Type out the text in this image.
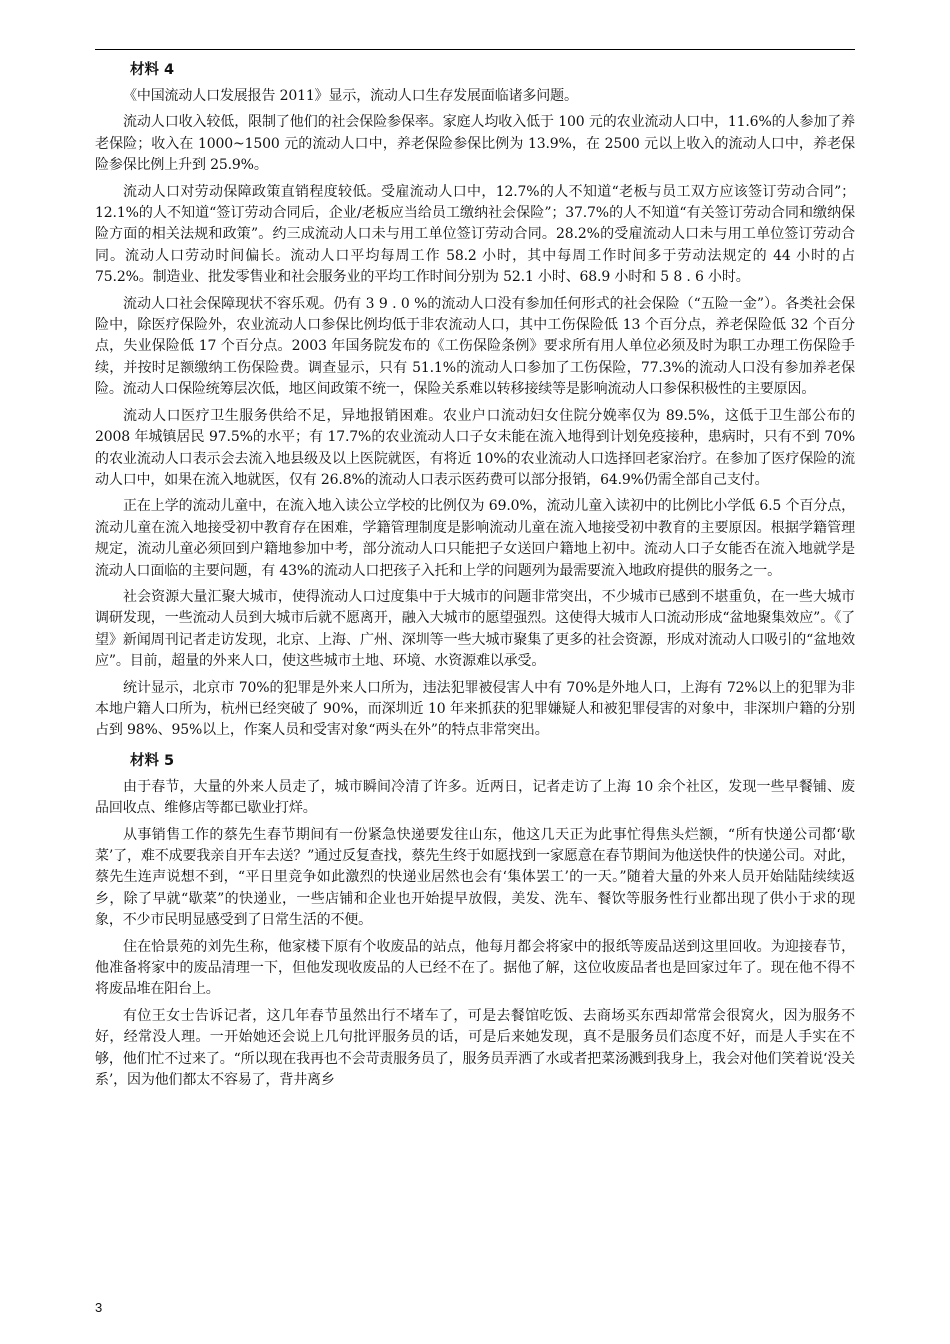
材料 4

《中国流动人口发展报告 2011》显示，流动人口生存发展面临诸多问题。

流动人口收入较低，限制了他们的社会保险参保率。家庭人均收入低于 100 元的农业流动人口中，11.6%的人参加了养老保险；收入在 1000~1500 元的流动人口中，养老保险参保比例为 13.9%，在 2500 元以上收入的流动人口中，养老保险参保比例上升到 25.9%。

流动人口对劳动保障政策直销程度较低。受雇流动人口中，12.7%的人不知道“老板与员工双方应该签订劳动合同”；12.1%的人不知道“签订劳动合同后，企业/老板应当给员工缴纳社会保险”；37.7%的人不知道“有关签订劳动合同和缴纳保险方面的相关法规和政策”。约三成流动人口未与用工单位签订劳动合同。28.2%的受雇流动人口未与用工单位签订劳动合同。流动人口劳动时间偏长。流动人口平均每周工作 58.2 小时，其中每周工作时间多于劳动法规定的 44 小时的占 75.2%。制造业、批发零售业和社会服务业的平均工作时间分别为 52.1 小时、68.9 小时和 5 8 . 6 小时。

流动人口社会保障现状不容乐观。仍有 3 9 . 0 %的流动人口没有参加任何形式的社会保险（“五险一金”）。各类社会保险中，除医疗保险外，农业流动人口参保比例均低于非农流动人口，其中工伤保险低 13 个百分点，养老保险低 32 个百分点，失业保险低 17 个百分点。2003 年国务院发布的《工伤保险条例》要求所有用人单位必须及时为职工办理工伤保险手续，并按时足额缴纳工伤保险费。调查显示，只有 51.1%的流动人口参加了工伤保险，77.3%的流动人口没有参加养老保险。流动人口保险统筹层次低，地区间政策不统一，保险关系难以转移接续等是影响流动人口参保积极性的主要原因。

流动人口医疗卫生服务供给不足，异地报销困难。农业户口流动妇女住院分娩率仅为 89.5%，这低于卫生部公布的 2008 年城镇居民 97.5%的水平；有 17.7%的农业流动人口子女未能在流入地得到计划免疫接种，患病时，只有不到 70%的农业流动人口表示会去流入地县级及以上医院就医，有将近 10%的农业流动人口选择回老家治疗。在参加了医疗保险的流动人口中，如果在流入地就医，仅有 26.8%的流动人口表示医药费可以部分报销，64.9%仍需全部自己支付。

正在上学的流动儿童中，在流入地入读公立学校的比例仅为 69.0%，流动儿童入读初中的比例比小学低 6.5 个百分点，流动儿童在流入地接受初中教育存在困难，学籍管理制度是影响流动儿童在流入地接受初中教育的主要原因。根据学籍管理规定，流动儿童必须回到户籍地参加中考，部分流动人口只能把子女送回户籍地上初中。流动人口子女能否在流入地就学是流动人口面临的主要问题，有 43%的流动人口把孩子入托和上学的问题列为最需要流入地政府提供的服务之一。

社会资源大量汇聚大城市，使得流动人口过度集中于大城市的问题非常突出，不少城市已感到不堪重负，在一些大城市调研发现，一些流动人员到大城市后就不愿离开，融入大城市的愿望强烈。这使得大城市人口流动形成“盆地聚集效应”。《了望》新闻周刊记者走访发现，北京、上海、广州、深圳等一些大城市聚集了更多的社会资源，形成对流动人口吸引的“盆地效应”。目前，超量的外来人口，使这些城市土地、环境、水资源难以承受。

统计显示，北京市 70%的犯罪是外来人口所为，违法犯罪被侵害人中有 70%是外地人口，上海有 72%以上的犯罪为非本地户籍人口所为，杭州已经突破了 90%，而深圳近 10 年来抓获的犯罪嫌疑人和被犯罪侵害的对象中，非深圳户籍的分别占到 98%、95%以上，作案人员和受害对象“两头在外”的特点非常突出。

材料 5

由于春节，大量的外来人员走了，城市瞬间冷清了许多。近两日，记者走访了上海 10 余个社区，发现一些早餐铺、废品回收点、维修店等都已歇业打烊。

从事销售工作的蔡先生春节期间有一份紧急快递要发往山东，他这几天正为此事忙得焦头烂额，“所有快递公司都‘歇菜’了，难不成要我亲自开车去送？”通过反复查找，蔡先生终于如愿找到一家愿意在春节期间为他送快件的快递公司。对此，蔡先生连声说想不到，“平日里竞争如此激烈的快递业居然也会有‘集体罢工’的一天。”随着大量的外来人员开始陆陆续续返乡，除了早就“歇菜”的快递业，一些店铺和企业也开始提早放假，美发、洗车、餐饮等服务性行业都出现了供小于求的现象，不少市民明显感受到了日常生活的不便。

住在恰景苑的刘先生称，他家楼下原有个收废品的站点，他每月都会将家中的报纸等废品送到这里回收。为迎接春节，他准备将家中的废品清理一下，但他发现收废品的人已经不在了。据他了解，这位收废品者也是回家过年了。现在他不得不将废品堆在阳台上。

有位王女士告诉记者，这几年春节虽然出行不堵车了，可是去餐馆吃饭、去商场买东西却常常会很窝火，因为服务不好，经常没人理。一开始她还会说上几句批评服务员的话，可是后来她发现，真不是服务员们态度不好，而是人手实在不够，他们忙不过来了。“所以现在我再也不会苛责服务员了，服务员弄洒了水或者把菜汤溅到我身上，我会对他们笑着说‘没关系’，因为他们都太不容易了，背井离乡

3
